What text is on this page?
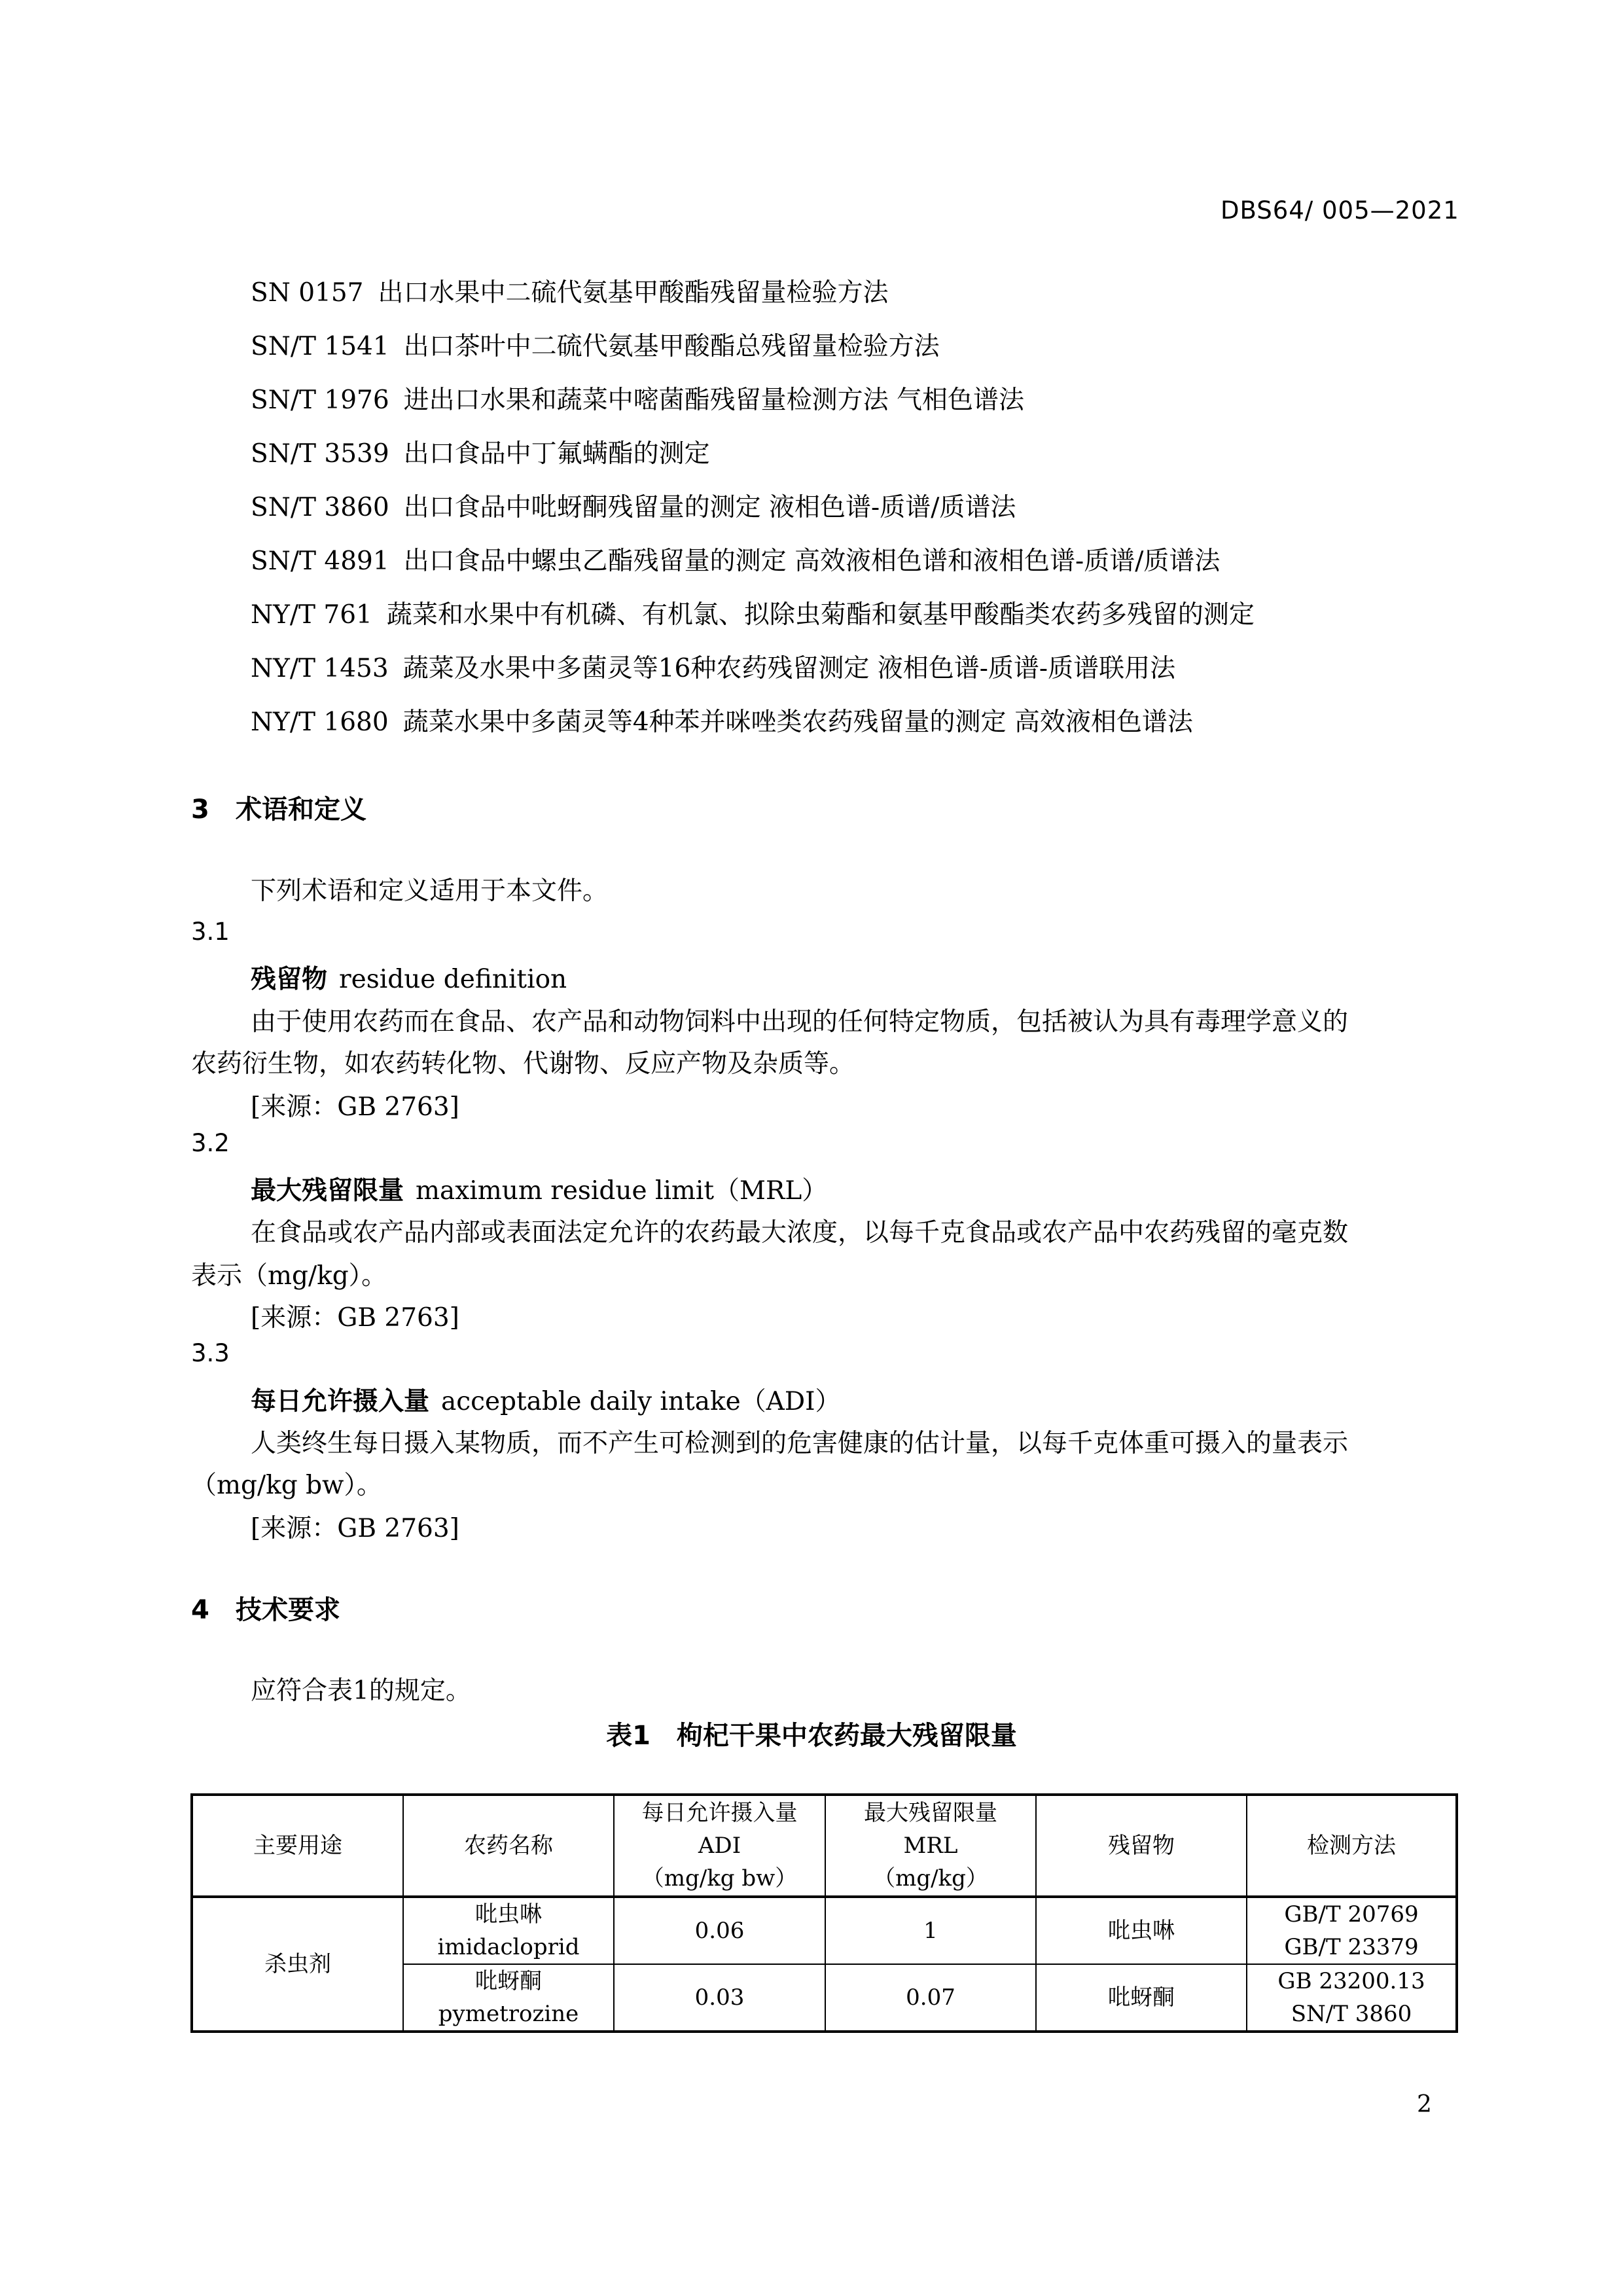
DBS64/ 005—2021
SN 0157 出口水果中二硫代氨基甲酸酯残留量检验方法
SN/T 1541 出口茶叶中二硫代氨基甲酸酯总残留量检验方法
SN/T 1976 进出口水果和蔬菜中嘧菌酯残留量检测方法 气相色谱法
SN/T 3539 出口食品中丁氟螨酯的测定
SN/T 3860 出口食品中吡蚜酮残留量的测定 液相色谱-质谱/质谱法
SN/T 4891 出口食品中螺虫乙酯残留量的测定 高效液相色谱和液相色谱-质谱/质谱法
NY/T 761 蔬菜和水果中有机磷、有机氯、拟除虫菊酯和氨基甲酸酯类农药多残留的测定
NY/T 1453 蔬菜及水果中多菌灵等16种农药残留测定 液相色谱-质谱-质谱联用法
NY/T 1680 蔬菜水果中多菌灵等4种苯并咪唑类农药残留量的测定 高效液相色谱法
3 术语和定义
下列术语和定义适用于本文件。
3.1
残留物 residue definition
由于使用农药而在食品、农产品和动物饲料中出现的任何特定物质，包括被认为具有毒理学意义的
农药衍生物，如农药转化物、代谢物、反应产物及杂质等。
[来源：GB 2763]
3.2
最大残留限量 maximum residue limit（MRL）
在食品或农产品内部或表面法定允许的农药最大浓度，以每千克食品或农产品中农药残留的毫克数
表示（mg/kg）。
[来源：GB 2763]
3.3
每日允许摄入量 acceptable daily intake（ADI）
人类终生每日摄入某物质，而不产生可检测到的危害健康的估计量，以每千克体重可摄入的量表示
（mg/kg bw）。
[来源：GB 2763]
4 技术要求
应符合表1的规定。
表1　枸杞干果中农药最大残留限量
主要用途	农药名称	每日允许摄入量
ADI
（mg/kg bw）	最大残留限量
MRL
（mg/kg）	残留物	检测方法
杀虫剂	吡虫啉
imidacloprid	0.06	1	吡虫啉	GB/T 20769
GB/T 23379

	吡蚜酮
pymetrozine	0.03	0.07	吡蚜酮	GB 23200.13
SN/T 3860
2
